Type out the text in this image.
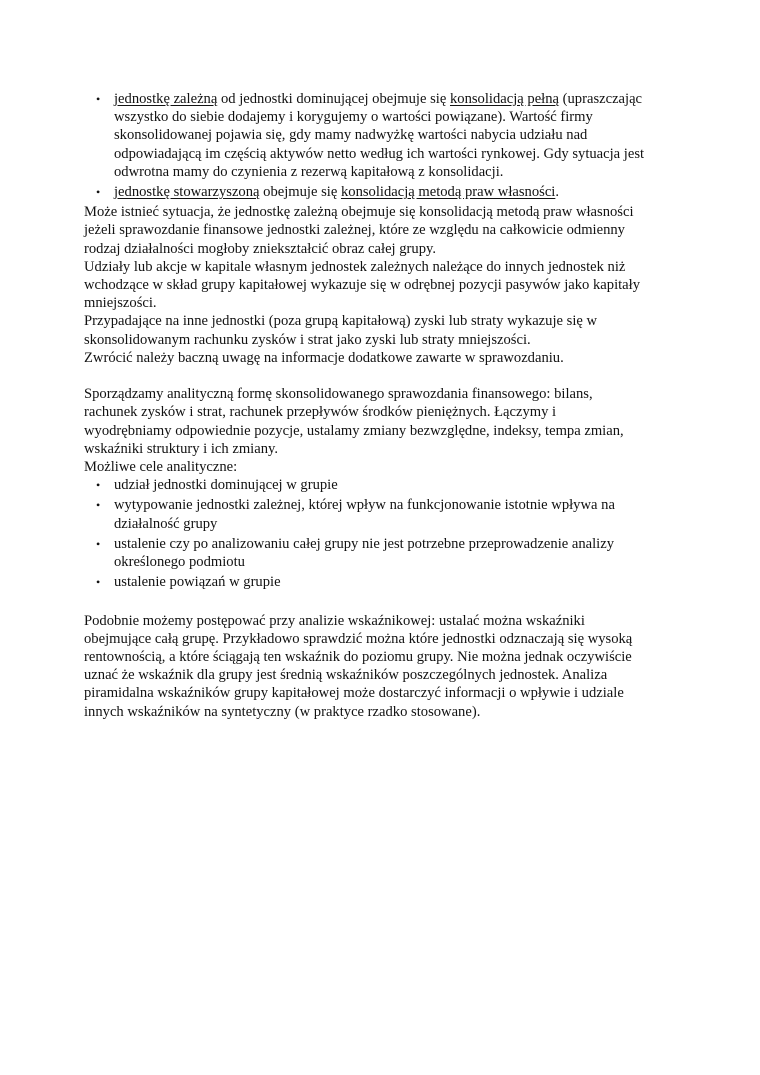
• jednostkę zależną od jednostki dominującej obejmuje się konsolidacją pełną (upraszczając
wszystko do siebie dodajemy i korygujemy o wartości powiązane). Wartość firmy
skonsolidowanej pojawia się, gdy mamy nadwyżkę wartości nabycia udziału nad
odpowiadającą im częścią aktywów netto według ich wartości rynkowej. Gdy sytuacja jest
odwrotna mamy do czynienia z rezerwą kapitałową z konsolidacji.
• jednostkę stowarzyszoną obejmuje się konsolidacją metodą praw własności.
Może istnieć sytuacja, że jednostkę zależną obejmuje się konsolidacją metodą praw własności
jeżeli sprawozdanie finansowe jednostki zależnej, które ze względu na całkowicie odmienny
rodzaj działalności mogłoby zniekształcić obraz całej grupy.
Udziały lub akcje w kapitale własnym jednostek zależnych należące do innych jednostek niż
wchodzące w skład grupy kapitałowej wykazuje się w odrębnej pozycji pasywów jako kapitały
mniejszości.
Przypadające na inne jednostki (poza grupą kapitałową) zyski lub straty wykazuje się w
skonsolidowanym rachunku zysków i strat jako zyski lub straty mniejszości.
Zwrócić należy baczną uwagę na informacje dodatkowe zawarte w sprawozdaniu.
Sporządzamy analityczną formę skonsolidowanego sprawozdania finansowego: bilans,
rachunek zysków i strat, rachunek przepływów środków pieniężnych. Łączymy i
wyodrębniamy odpowiednie pozycje, ustalamy zmiany bezwzględne, indeksy, tempa zmian,
wskaźniki struktury i ich zmiany.
Możliwe cele analityczne:
• udział jednostki dominującej w grupie
• wytypowanie jednostki zależnej, której wpływ na funkcjonowanie istotnie wpływa na
działalność grupy
• ustalenie czy po analizowaniu całej grupy nie jest potrzebne przeprowadzenie analizy
określonego podmiotu
• ustalenie powiązań w grupie
Podobnie możemy postępować przy analizie wskaźnikowej: ustalać można wskaźniki
obejmujące całą grupę. Przykładowo sprawdzić można które jednostki odznaczają się wysoką
rentownością, a które ściągają ten wskaźnik do poziomu grupy. Nie można jednak oczywiście
uznać że wskaźnik dla grupy jest średnią wskaźników poszczególnych jednostek. Analiza
piramidalna wskaźników grupy kapitałowej może dostarczyć informacji o wpływie i udziale
innych wskaźników na syntetyczny (w praktyce rzadko stosowane).
